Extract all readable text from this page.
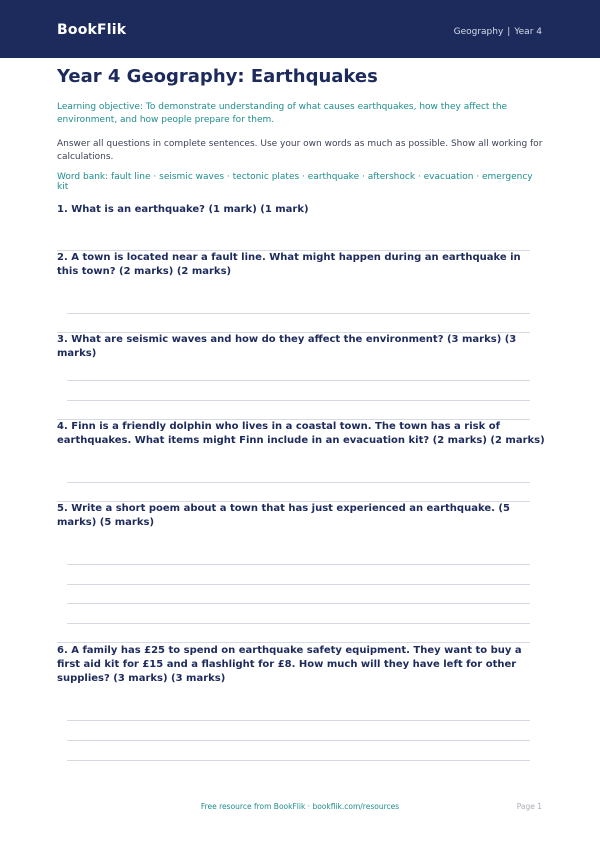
BookFlik	Geography | Year 4
Year 4 Geography: Earthquakes
Learning objective: To demonstrate understanding of what causes earthquakes, how they affect the environment, and how people prepare for them.
Answer all questions in complete sentences. Use your own words as much as possible. Show all working for calculations.
Word bank: fault line · seismic waves · tectonic plates · earthquake · aftershock · evacuation · emergency kit
1. What is an earthquake? (1 mark) (1 mark)
2. A town is located near a fault line. What might happen during an earthquake in this town? (2 marks) (2 marks)
3. What are seismic waves and how do they affect the environment? (3 marks) (3 marks)
4. Finn is a friendly dolphin who lives in a coastal town. The town has a risk of earthquakes. What items might Finn include in an evacuation kit? (2 marks) (2 marks)
5. Write a short poem about a town that has just experienced an earthquake. (5 marks) (5 marks)
6. A family has £25 to spend on earthquake safety equipment. They want to buy a first aid kit for £15 and a flashlight for £8. How much will they have left for other supplies? (3 marks) (3 marks)
Free resource from BookFlik · bookflik.com/resources	Page 1
